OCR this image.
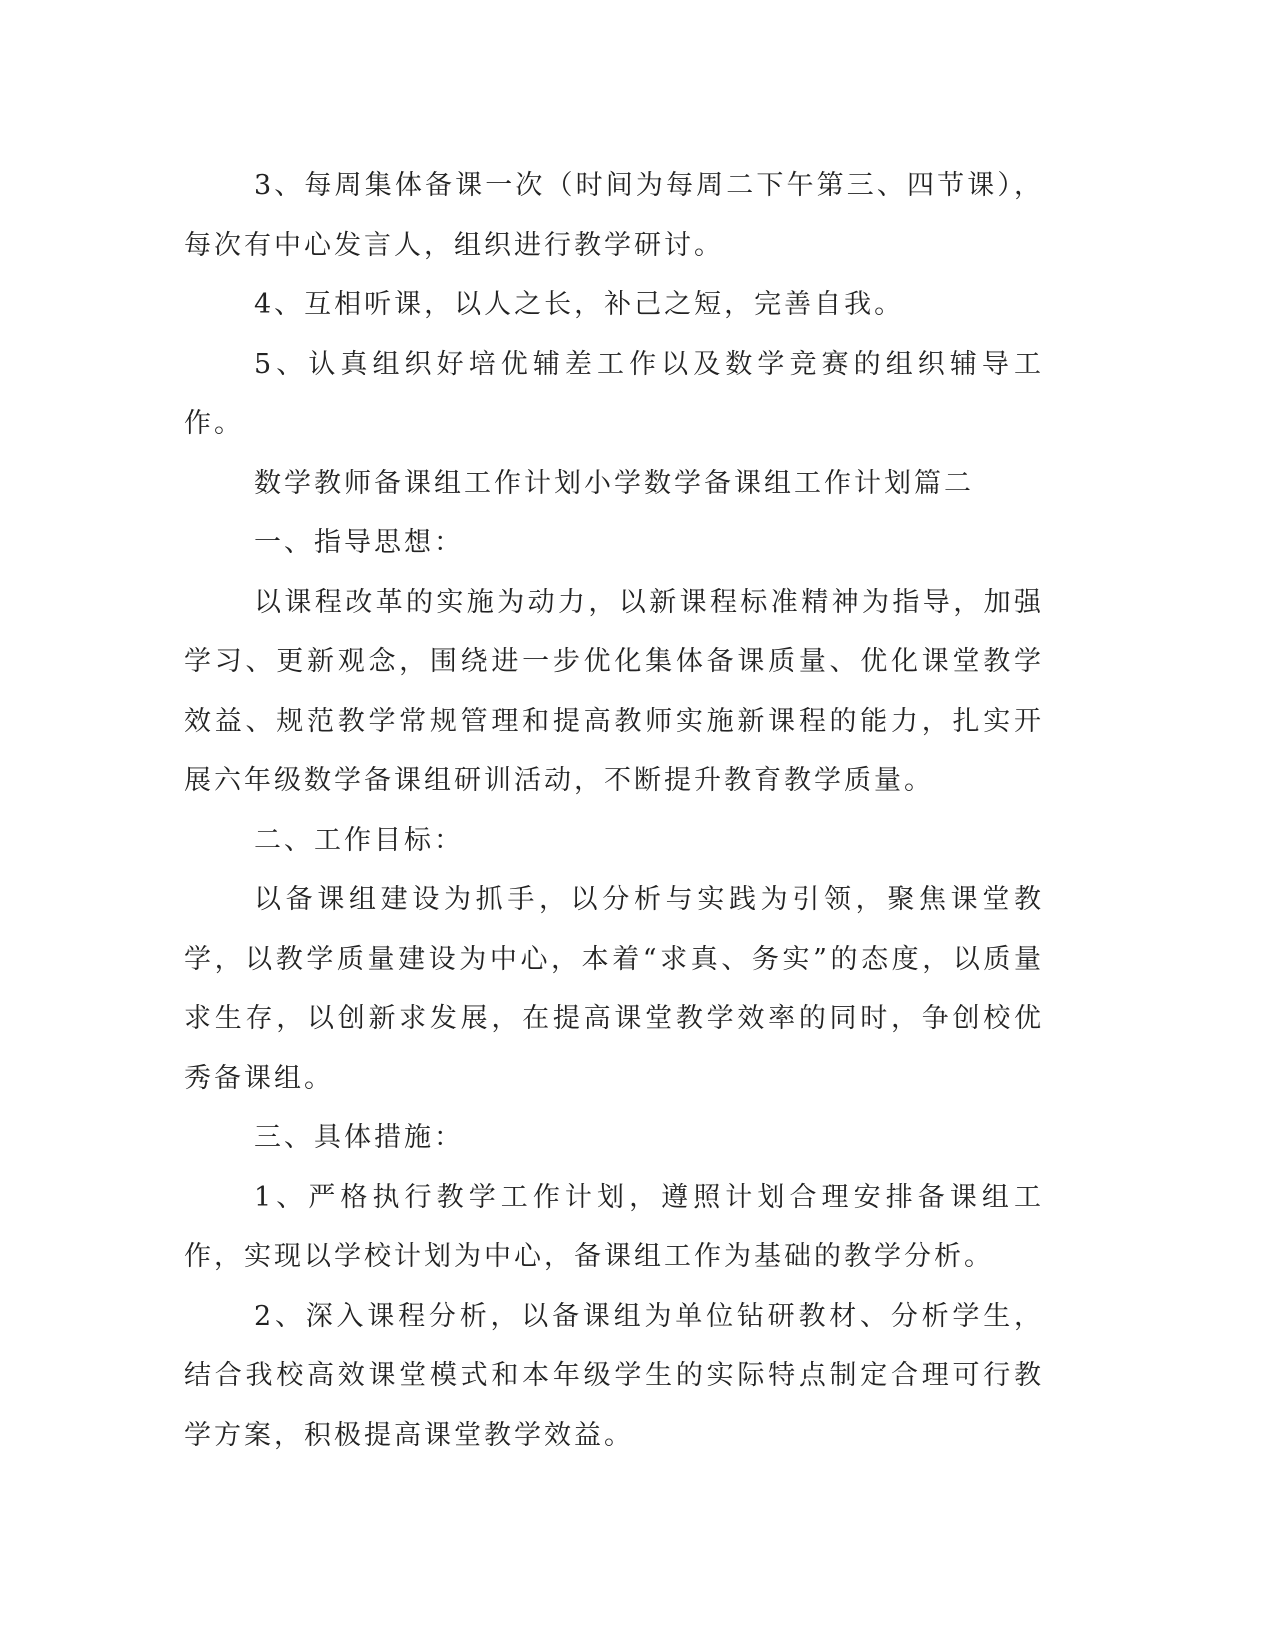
3、每周集体备课一次（时间为每周二下午第三、四节课），每次有中心发言人，组织进行教学研讨。

4、互相听课，以人之长，补己之短，完善自我。

5、认真组织好培优辅差工作以及数学竞赛的组织辅导工作。

数学教师备课组工作计划小学数学备课组工作计划篇二

一、指导思想：

以课程改革的实施为动力，以新课程标准精神为指导，加强学习、更新观念，围绕进一步优化集体备课质量、优化课堂教学效益、规范教学常规管理和提高教师实施新课程的能力，扎实开展六年级数学备课组研训活动，不断提升教育教学质量。

二、工作目标：

以备课组建设为抓手，以分析与实践为引领，聚焦课堂教学，以教学质量建设为中心，本着“求真、务实”的态度，以质量求生存，以创新求发展，在提高课堂教学效率的同时，争创校优秀备课组。

三、具体措施：

1、严格执行教学工作计划，遵照计划合理安排备课组工作，实现以学校计划为中心，备课组工作为基础的教学分析。

2、深入课程分析，以备课组为单位钻研教材、分析学生，结合我校高效课堂模式和本年级学生的实际特点制定合理可行教学方案，积极提高课堂教学效益。
